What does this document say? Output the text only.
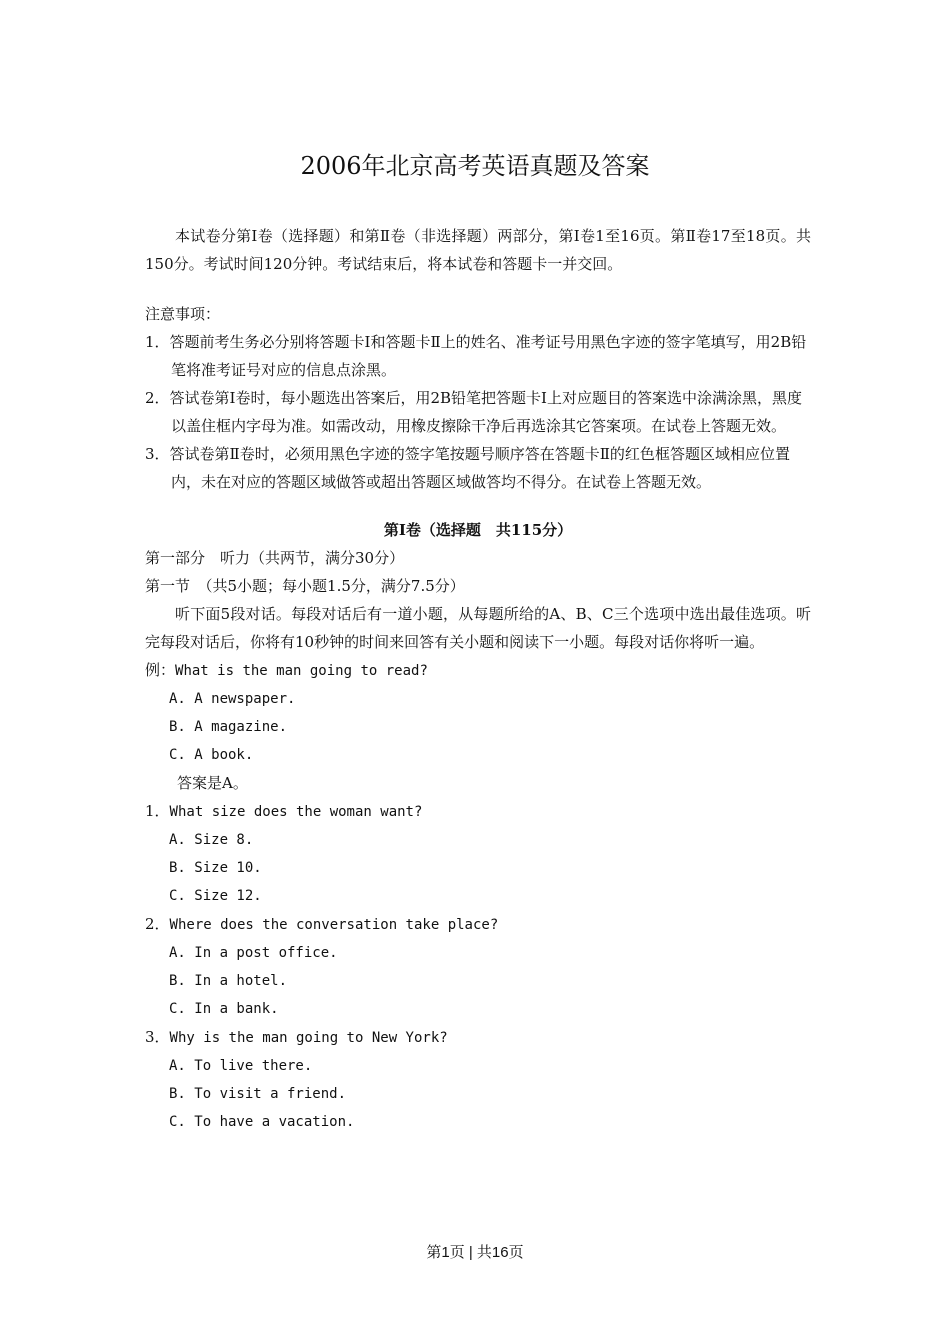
2006年北京高考英语真题及答案

本试卷分第Ⅰ卷（选择题）和第Ⅱ卷（非选择题）两部分，第Ⅰ卷1至16页。第Ⅱ卷17至18页。共150分。考试时间120分钟。考试结束后，将本试卷和答题卡一并交回。

注意事项：

1．答题前考生务必分别将答题卡Ⅰ和答题卡Ⅱ上的姓名、准考证号用黑色字迹的签字笔填写，用2B铅笔将准考证号对应的信息点涂黑。

2．答试卷第Ⅰ卷时，每小题选出答案后，用2B铅笔把答题卡Ⅰ上对应题目的答案选中涂满涂黑，黑度以盖住框内字母为准。如需改动，用橡皮擦除干净后再选涂其它答案项。在试卷上答题无效。

3．答试卷第Ⅱ卷时，必须用黑色字迹的签字笔按题号顺序答在答题卡Ⅱ的红色框答题区域相应位置内，未在对应的答题区域做答或超出答题区域做答均不得分。在试卷上答题无效。

第Ⅰ卷（选择题　共115分）

第一部分　听力（共两节，满分30分）

第一节　（共5小题；每小题1.5分，满分7.5分）

听下面5段对话。每段对话后有一道小题，从每题所给的A、B、C三个选项中选出最佳选项。听完每段对话后，你将有10秒钟的时间来回答有关小题和阅读下一小题。每段对话你将听一遍。

例：What is the man going to read?

A. A newspaper.

B. A magazine.

C. A book.

答案是A。

1．What size does the woman want?

A. Size 8.

B. Size 10.

C. Size 12.

2．Where does the conversation take place?

A. In a post office.

B. In a hotel.

C. In a bank.

3．Why is the man going to New York?

A. To live there.

B. To visit a friend.

C. To have a vacation.

第1页 | 共16页
